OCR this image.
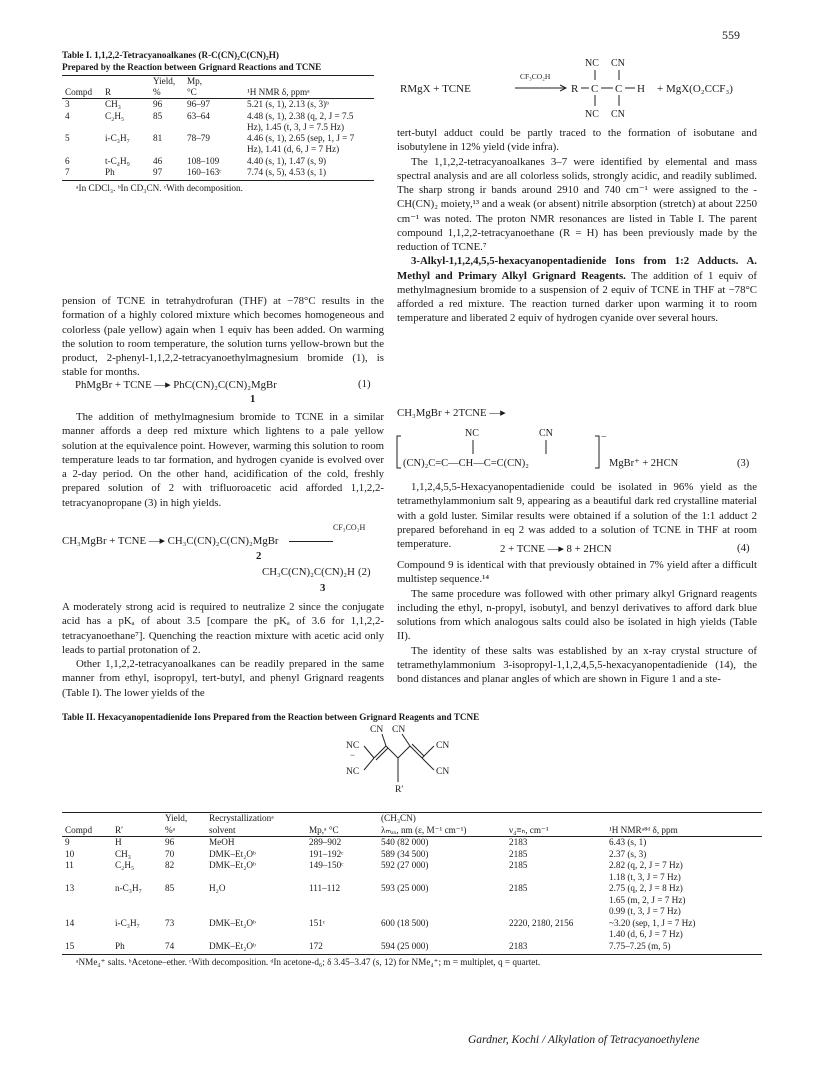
559
Table I. 1,1,2,2-Tetracyanoalkanes (R-C(CN)₂C(CN)₂H)
Prepared by the Reaction between Grignard Reactions and TCNE
		Yield,	Mp,	
Compd	R	%	°C	¹H NMR δ, ppmᵃ
3	CH₃	96	96–97	5.21 (s, 1), 2.13 (s, 3)ᵇ
4	C₂H₅	85	63–64	4.48 (s, 1), 2.38 (q, 2, J = 7.5 Hz), 1.45 (t, 3, J = 7.5 Hz)
5	i-C₃H₇	81	78–79	4.46 (s, 1), 2.65 (sep, 1, J = 7 Hz), 1.41 (d, 6, J = 7 Hz)
6	t-C₄H₉	46	108–109	4.40 (s, 1), 1.47 (s, 9)
7	Ph	97	160–163ᶜ	7.74 (s, 5), 4.53 (s, 1)
ᵃIn CDCl₃. ᵇIn CD₃CN. ᶜWith decomposition.

pension of TCNE in tetrahydrofuran (THF) at −78°C results in the formation of a highly colored mixture which becomes homogeneous and colorless (pale yellow) again when 1 equiv has been added. On warming the solution to room temperature, the solution turns yellow-brown but the product, 2-phenyl-1,1,2,2-tetracyanoethylmagnesium bromide (1), is stable for months.

PhMgBr + TCNE —▸ PhC(CN)₂C(CN)₂MgBr	(1)
1

The addition of methylmagnesium bromide to TCNE in a similar manner affords a deep red mixture which lightens to a pale yellow solution at the equivalence point. However, warming this solution to room temperature leads to tar formation, and hydrogen cyanide is evolved over a 2-day period. On the other hand, acidification of the cold, freshly prepared solution of 2 with trifluoroacetic acid afforded 1,1,2,2-tetracyanopropane (3) in high yields.

CF₃CO₂H
CH₃MgBr + TCNE —▸ CH₃C(CN)₂C(CN)₂MgBr
2
CH₃C(CN)₂C(CN)₂H (2)
3

A moderately strong acid is required to neutralize 2 since the conjugate acid has a pKₐ of about 3.5 [compare the pKₐ of 3.6 for 1,1,2,2-tetracyanoethane⁷]. Quenching the reaction mixture with acetic acid only leads to partial protonation of 2.

Other 1,1,2,2-tetracyanoalkanes can be readily prepared in the same manner from ethyl, isopropyl, tert-butyl, and phenyl Grignard reagents (Table I). The lower yields of the

RMgX + TCNE
CF₃CO₂H
R C C H + MgX(O₂CCF₃)
NC CN
NC CN

tert-butyl adduct could be partly traced to the formation of isobutane and isobutylene in 12% yield (vide infra).

The 1,1,2,2-tetracyanoalkanes 3–7 were identified by elemental and mass spectral analysis and are all colorless solids, strongly acidic, and readily sublimed. The sharp strong ir bands around 2910 and 740 cm⁻¹ were assigned to the -CH(CN)₂ moiety,¹³ and a weak (or absent) nitrile absorption (stretch) at about 2250 cm⁻¹ was noted. The proton NMR resonances are listed in Table I. The parent compound 1,1,2,2-tetracyanoethane (R = H) has been previously made by the reduction of TCNE.⁷

3-Alkyl-1,1,2,4,5,5-hexacyanopentadienide Ions from 1:2 Adducts. A. Methyl and Primary Alkyl Grignard Reagents. The addition of 1 equiv of methylmagnesium bromide to a suspension of 2 equiv of TCNE in THF at −78°C afforded a red mixture. The reaction turned darker upon warming it to room temperature and liberated 2 equiv of hydrogen cyanide over several hours.

CH₃MgBr + 2TCNE —▸
−
NC	CN
(CN)₂C=C—CH—C=C(CN)₂	MgBr⁺ + 2HCN	(3)

1,1,2,4,5,5-Hexacyanopentadienide could be isolated in 96% yield as the tetramethylammonium salt 9, appearing as a beautiful dark red crystalline material with a gold luster. Similar results were obtained if a solution of the 1:1 adduct 2 prepared beforehand in eq 2 was added to a solution of TCNE in THF at room temperature.	2 + TCNE —▸ 8 + 2HCN	(4)

Compound 9 is identical with that previously obtained in 7% yield after a difficult multistep sequence.¹⁴

The same procedure was followed with other primary alkyl Grignard reagents including the ethyl, n-propyl, isobutyl, and benzyl derivatives to afford dark blue solutions from which analogous salts could also be isolated in high yields (Table II).

The identity of these salts was established by an x-ray crystal structure of tetramethylammonium 3-isopropyl-1,1,2,4,5,5-hexacyanopentadienide (14), the bond distances and planar angles of which are shown in Figure 1 and a ste-

Table II. Hexacyanopentadienide Ions Prepared from the Reaction between Grignard Reagents and TCNE
CN CN
NC
−
NC
CN
CN
R′
		Yield,	Recrystallizationᵃ		(CH₃CN)		
Compd	R′	%ᵃ	solvent	Mp,ᵃ °C	λₘₐₓ, nm (ε, M⁻¹ cm⁻¹)	ν₄≡ₙ, cm⁻¹	¹H NMRᵃ⁸ᵈ δ, ppm
9	H	96	MeOH	289–902	540 (82 000)	2183	6.43 (s, 1)
10	CH₃	70	DMK–Et₂Oᵇ	191–192ᶜ	589 (34 500)	2185	2.37 (s, 3)
11	C₂H₅	82	DMK–Et₂Oᵇ	149–150ᶜ	592 (27 000)	2185	2.82 (q, 2, J = 7 Hz)
1.18 (t, 3, J = 7 Hz)
13	n-C₃H₇	85	H₂O	111–112	593 (25 000)	2185	2.75 (q, 2, J = 8 Hz)
1.65 (m, 2, J = 7 Hz)
0.99 (t, 3, J = 7 Hz)
14	i-C₃H₇	73	DMK–Et₂Oᵇ	151ᶜ	600 (18 500)	2220, 2180, 2156	~3.20 (sep, 1, J = 7 Hz)
1.40 (d, 6, J = 7 Hz)
15	Ph	74	DMK–Et₂Oᵇ	172	594 (25 000)	2183	7.75–7.25 (m, 5)
ᵃNMe₄⁺ salts. ᵇAcetone–ether. ᶜWith decomposition. ᵈIn acetone-d₆; δ 3.45–3.47 (s, 12) for NMe₄⁺; m = multiplet, q = quartet.
Gardner, Kochi / Alkylation of Tetracyanoethylene
